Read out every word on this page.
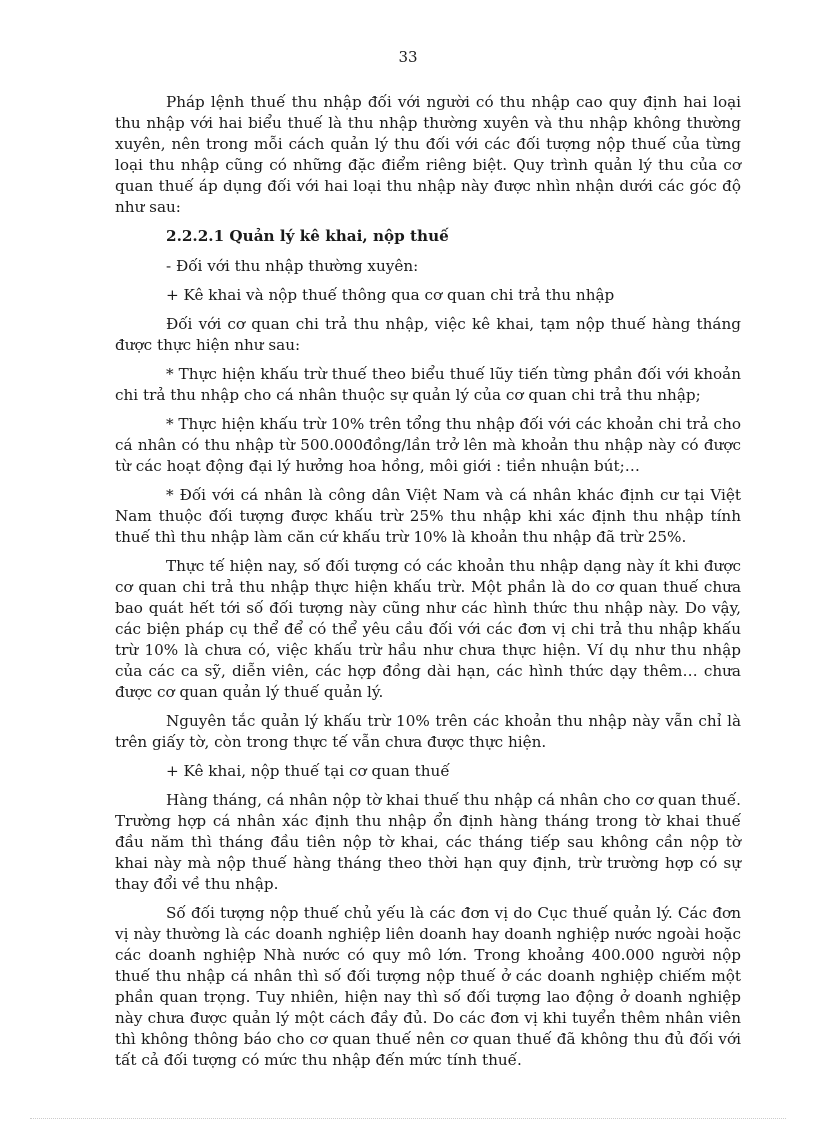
33

Pháp lệnh thuế thu nhập đối với người có thu nhập cao quy định hai loại thu nhập với hai biểu thuế là thu nhập thường xuyên và thu nhập không thường xuyên, nên trong mỗi cách quản lý thu đối với các đối tượng nộp thuế của từng loại thu nhập cũng có những đặc điểm riêng biệt. Quy trình quản lý thu của cơ quan thuế áp dụng đối với hai loại thu nhập này được nhìn nhận dưới các góc độ như sau:

2.2.2.1 Quản lý kê khai, nộp thuế

- Đối với thu nhập thường xuyên:

+ Kê khai và nộp thuế thông qua cơ quan chi trả thu nhập

Đối với cơ quan chi trả thu nhập, việc kê khai, tạm nộp thuế hàng tháng được thực hiện như sau:

* Thực hiện khấu trừ thuế theo biểu thuế lũy tiến từng phần đối với khoản chi trả thu nhập cho cá nhân thuộc sự quản lý của cơ quan chi trả thu nhập;

* Thực hiện khấu trừ 10% trên tổng thu nhập đối với các khoản chi trả cho cá nhân có thu nhập từ 500.000đồng/lần trở lên mà khoản thu nhập này có được từ các hoạt động đại lý hưởng hoa hồng, môi giới : tiền nhuận bút;…

* Đối với cá nhân là công dân Việt Nam và cá nhân khác định cư tại Việt Nam thuộc đối tượng được khấu trừ 25% thu nhập khi xác định thu nhập tính thuế thì thu nhập làm căn cứ khấu trừ 10% là khoản thu nhập đã trừ 25%.

Thực tế hiện nay, số đối tượng có các khoản thu nhập dạng này ít khi được cơ quan chi trả thu nhập thực hiện khấu trừ. Một phần là do cơ quan thuế chưa bao quát hết tới số đối tượng này cũng như các hình thức thu nhập này. Do vậy, các biện pháp cụ thể để có thể yêu cầu đối với các đơn vị chi trả thu nhập khấu trừ 10% là chưa có, việc khấu trừ hầu như chưa thực hiện. Ví dụ như thu nhập của các ca sỹ, diễn viên, các hợp đồng dài hạn, các hình thức dạy thêm… chưa được cơ quan quản lý thuế quản lý.

Nguyên tắc quản lý khấu trừ 10% trên các khoản thu nhập này vẫn chỉ là trên giấy tờ, còn trong thực tế vẫn chưa được thực hiện.

+ Kê khai, nộp thuế tại cơ quan thuế

Hàng tháng, cá nhân nộp tờ khai thuế thu nhập cá nhân cho cơ quan thuế. Trường hợp cá nhân xác định thu nhập ổn định hàng tháng trong tờ khai thuế đầu năm thì tháng đầu tiên nộp tờ khai, các tháng tiếp sau không cần nộp tờ khai này mà nộp thuế hàng tháng theo thời hạn quy định, trừ trường hợp có sự thay đổi về thu nhập.

Số đối tượng nộp thuế chủ yếu là các đơn vị do Cục thuế quản lý. Các đơn vị này thường là các doanh nghiệp liên doanh hay doanh nghiệp nước ngoài hoặc các doanh nghiệp Nhà nước có quy mô lớn. Trong khoảng 400.000 người nộp thuế thu nhập cá nhân thì số đối tượng nộp thuế ở các doanh nghiệp chiếm một phần quan trọng. Tuy nhiên, hiện nay thì số đối tượng lao động ở doanh nghiệp này chưa được quản lý một cách đầy đủ. Do các đơn vị khi tuyển thêm nhân viên thì không thông báo cho cơ quan thuế nên cơ quan thuế đã không thu đủ đối với tất cả đối tượng có mức thu nhập đến mức tính thuế.
